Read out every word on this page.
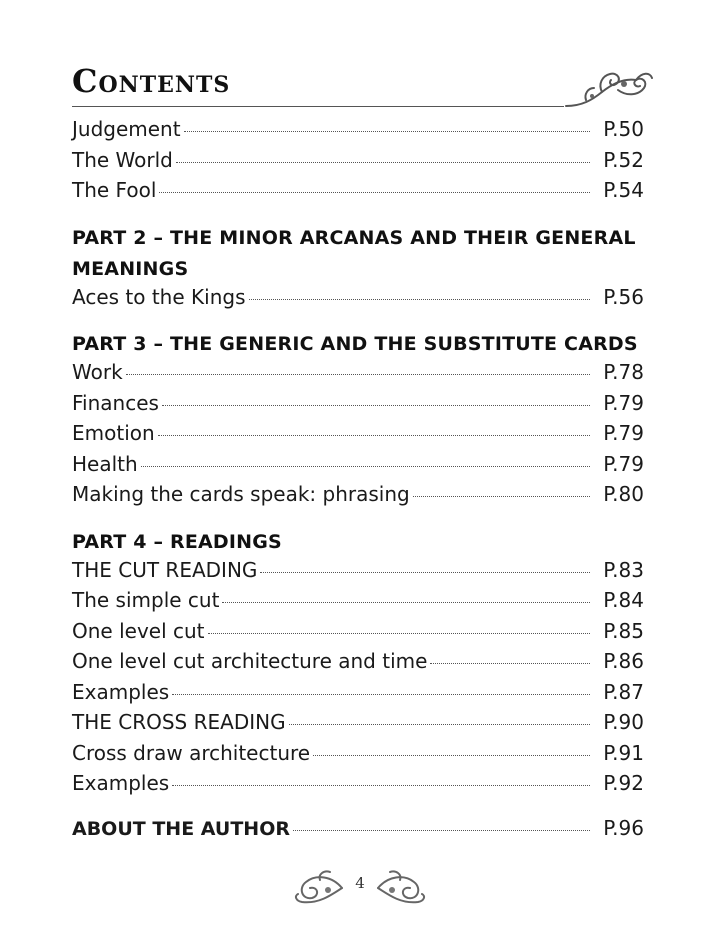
Contents
Judgement	P.50
The World	P.52
The Fool	P.54
PART 2 – THE MINOR ARCANAS AND THEIR GENERAL MEANINGS
Aces to the Kings	P.56
PART 3 – THE GENERIC AND THE SUBSTITUTE CARDS
Work	P.78
Finances	P.79
Emotion	P.79
Health	P.79
Making the cards speak: phrasing	P.80
PART 4 – READINGS
THE CUT READING	P.83
The simple cut	P.84
One level cut	P.85
One level cut architecture and time	P.86
Examples	P.87
THE CROSS READING	P.90
Cross draw architecture	P.91
Examples	P.92
ABOUT THE AUTHOR	P.96
4
